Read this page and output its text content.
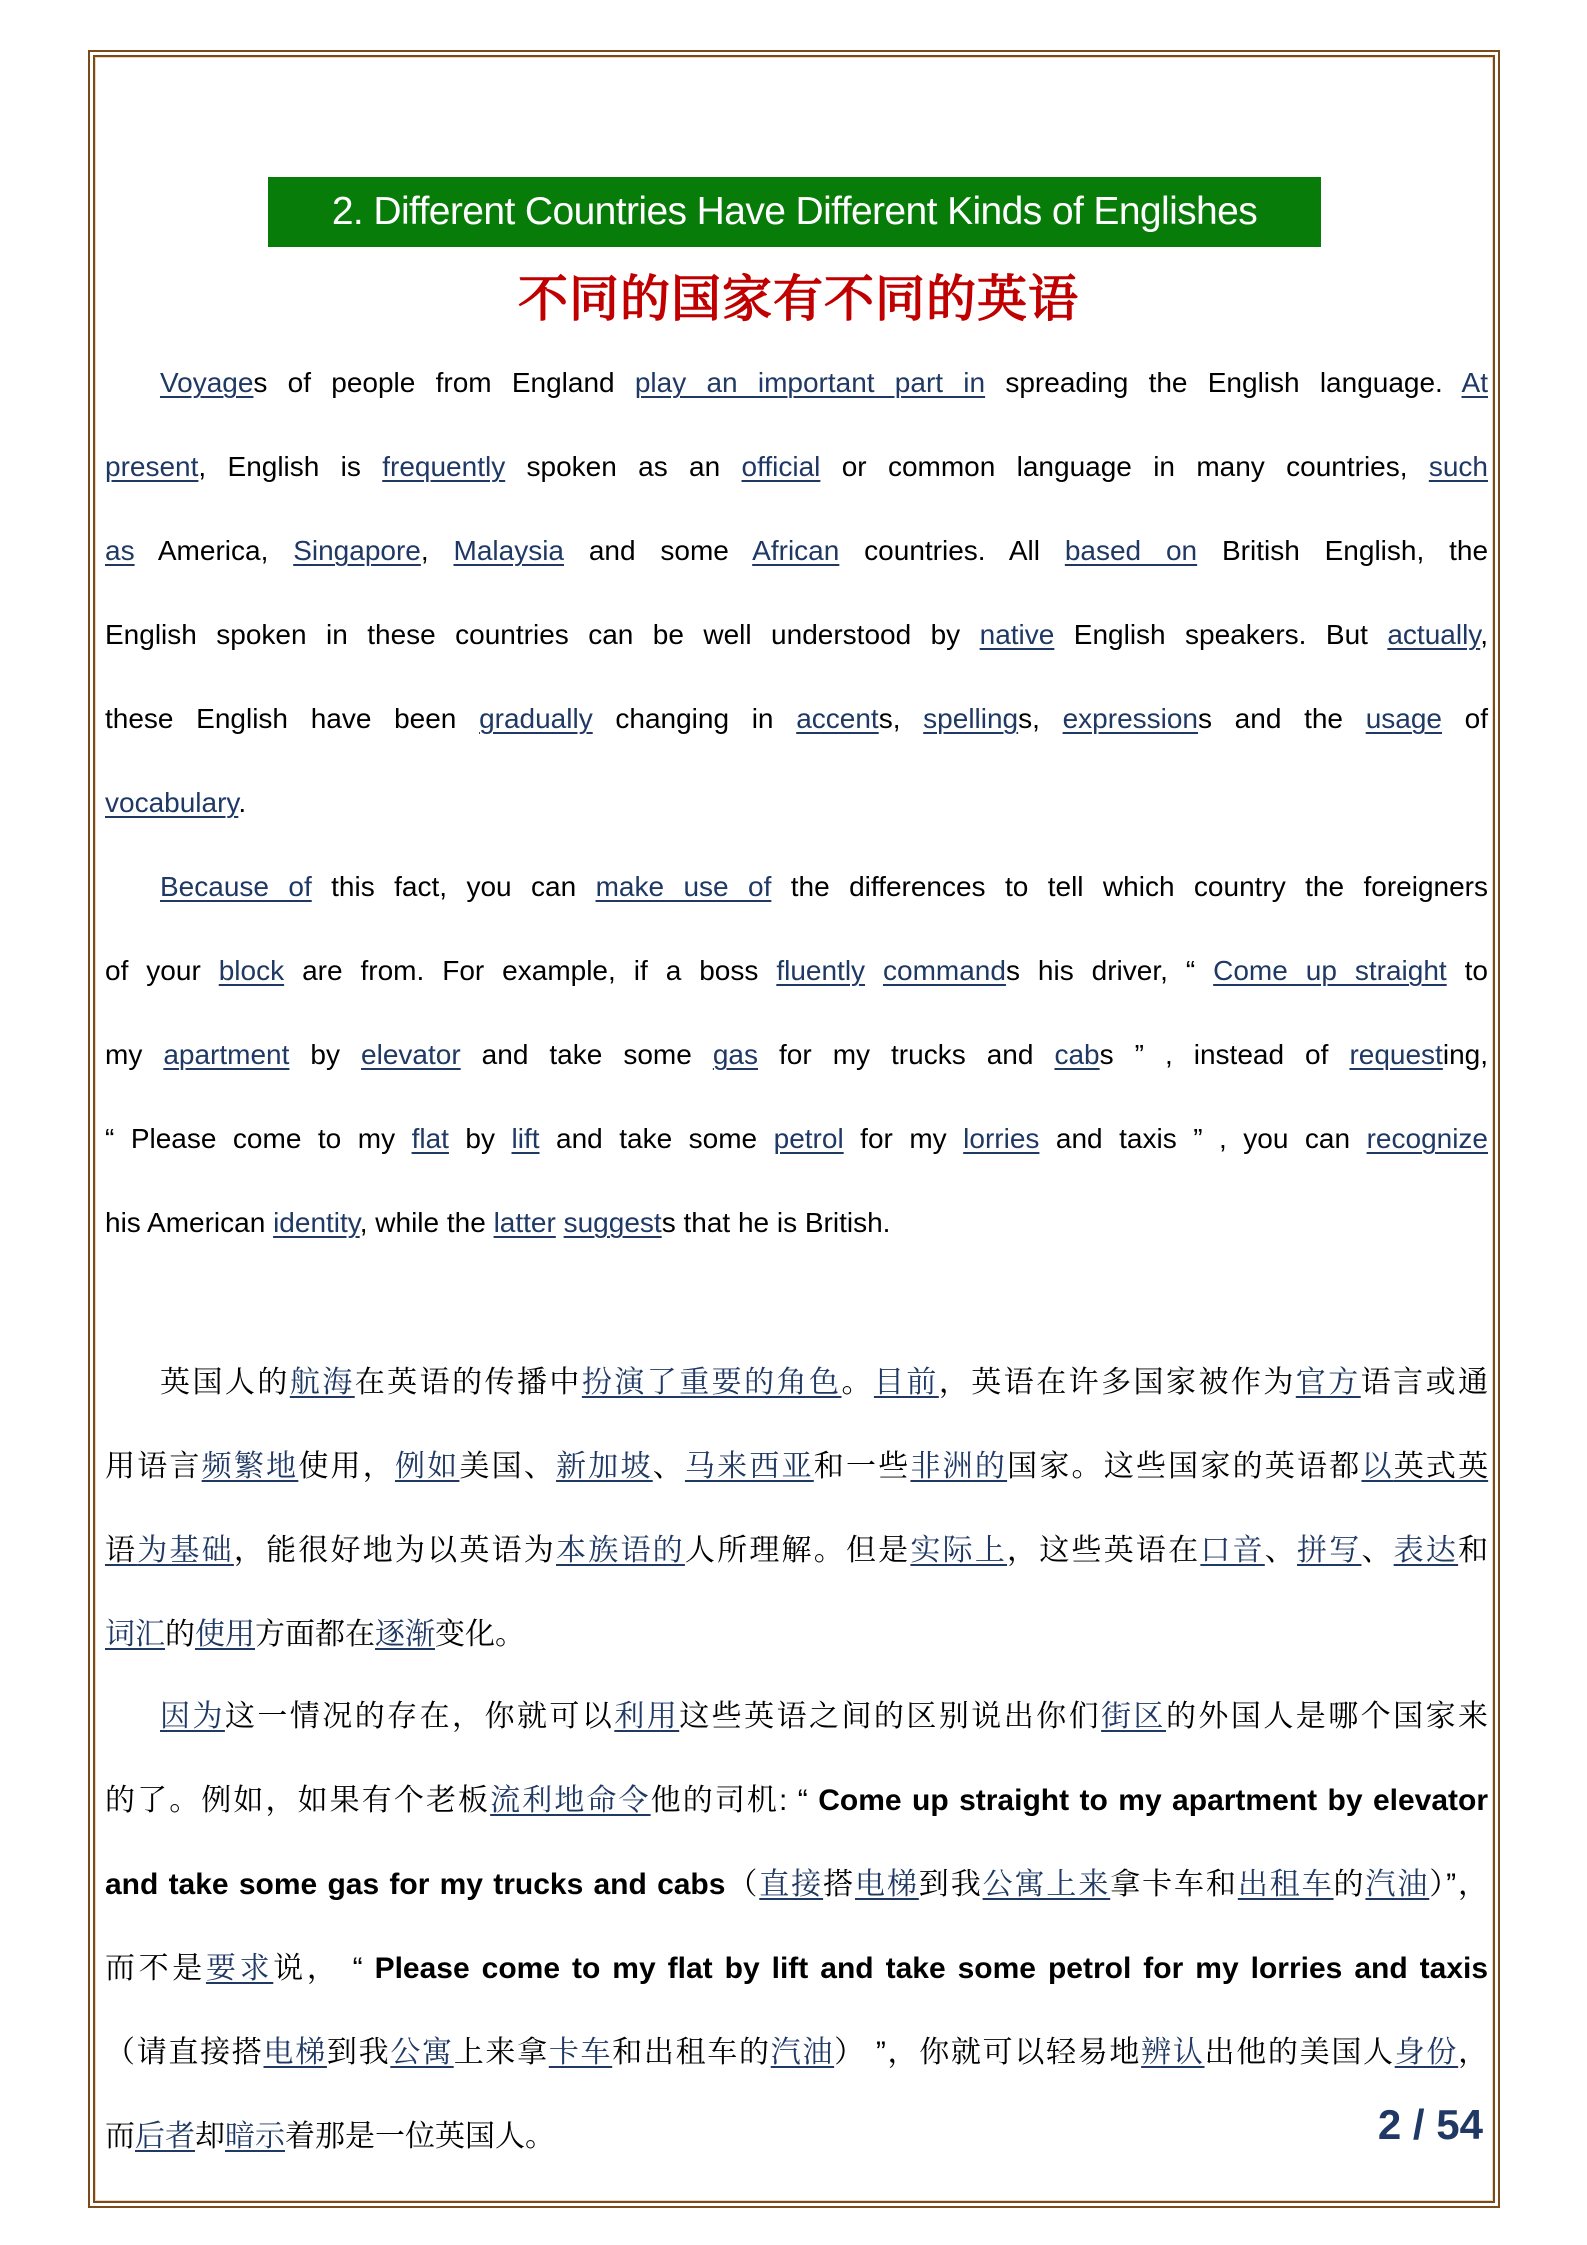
2. Different Countries Have Different Kinds of Englishes
不同的国家有不同的英语
Voyages of people from England play an important part in spreading the English language. At
present, English is frequently spoken as an official or common language in many countries, such
as America, Singapore, Malaysia and some African countries. All based on British English, the
English spoken in these countries can be well understood by native English speakers. But actually,
these English have been gradually changing in accents, spellings, expressions and the usage of
vocabulary.
Because of this fact, you can make use of the differences to tell which country the foreigners
of your block are from. For example, if a boss fluently commands his driver, “ Come up straight to
my apartment by elevator and take some gas for my trucks and cabs ” , instead of requesting,
“ Please come to my flat by lift and take some petrol for my lorries and taxis ” , you can recognize
his American identity, while the latter suggests that he is British.
英国人的航海在英语的传播中扮演了重要的角色。目前，英语在许多国家被作为官方语言或通
用语言频繁地使用，例如美国、新加坡、马来西亚和一些非洲的国家。这些国家的英语都以英式英
语为基础，能很好地为以英语为本族语的人所理解。但是实际上，这些英语在口音、拼写、表达和
词汇的使用方面都在逐渐变化。
因为这一情况的存在，你就可以利用这些英语之间的区别说出你们街区的外国人是哪个国家来
的了。例如，如果有个老板流利地命令他的司机: “ Come up straight to my apartment by elevator
and take some gas for my trucks and cabs（直接搭电梯到我公寓上来拿卡车和出租车的汽油）”，
而不是要求说， “ Please come to my flat by lift and take some petrol for my lorries and taxis
（请直接搭电梯到我公寓上来拿卡车和出租车的汽油） ”，你就可以轻易地辨认出他的美国人身份，
而后者却暗示着那是一位英国人。	2 / 54
